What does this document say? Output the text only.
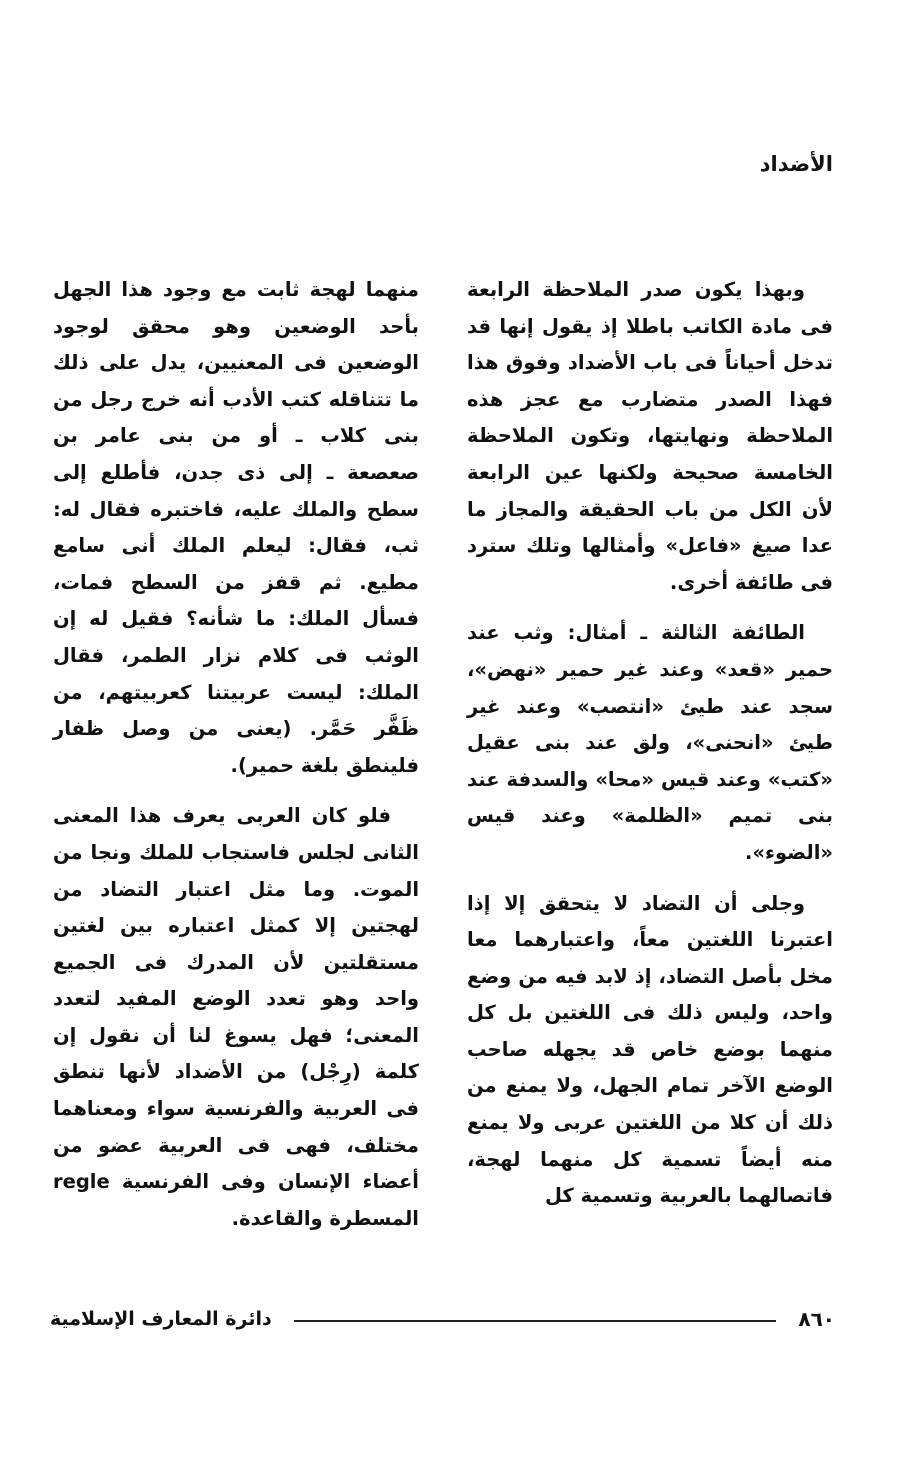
الأضداد

وبهذا يكون صدر الملاحظة الرابعة فى مادة الكاتب باطلا إذ يقول إنها قد تدخل أحياناً فى باب الأضداد وفوق هذا فهذا الصدر متضارب مع عجز هذه الملاحظة ونهايتها، وتكون الملاحظة الخامسة صحيحة ولكنها عين الرابعة لأن الكل من باب الحقيقة والمجاز ما عدا صيغ «فاعل» وأمثالها وتلك سترد فى طائفة أخرى.

الطائفة الثالثة ـ أمثال: وثب عند حمير «قعد» وعند غير حمير «نهض»، سجد عند طيئ «انتصب» وعند غير طيئ «انحنى»، ولق عند بنى عقيل «كتب» وعند قيس «محا» والسدفة عند بنى تميم «الظلمة» وعند قيس «الضوء».

وجلى أن التضاد لا يتحقق إلا إذا اعتبرنا اللغتين معاً، واعتبارهما معا مخل بأصل التضاد، إذ لابد فيه من وضع واحد، وليس ذلك فى اللغتين بل كل منهما بوضع خاص قد يجهله صاحب الوضع الآخر تمام الجهل، ولا يمنع من ذلك أن كلا من اللغتين عربى ولا يمنع منه أيضاً تسمية كل منهما لهجة، فاتصالهما بالعربية وتسمية كل

منهما لهجة ثابت مع وجود هذا الجهل بأحد الوضعين وهو محقق لوجود الوضعين فى المعنيين، يدل على ذلك ما تتناقله كتب الأدب أنه خرج رجل من بنى كلاب ـ أو من بنى عامر بن صعصعة ـ إلى ذى جدن، فأطلع إلى سطح والملك عليه، فاختبره فقال له: ثب، فقال: ليعلم الملك أنى سامع مطيع. ثم قفز من السطح فمات، فسأل الملك: ما شأنه؟ فقيل له إن الوثب فى كلام نزار الطمر، فقال الملك: ليست عربيتنا كعربيتهم، من ظَفَّر حَمَّر. (يعنى من وصل ظفار فلينطق بلغة حمير).

فلو كان العربى يعرف هذا المعنى الثانى لجلس فاستجاب للملك ونجا من الموت. وما مثل اعتبار التضاد من لهجتين إلا كمثل اعتباره بين لغتين مستقلتين لأن المدرك فى الجميع واحد وهو تعدد الوضع المفيد لتعدد المعنى؛ فهل يسوغ لنا أن نقول إن كلمة (رِجْل) من الأضداد لأنها تنطق فى العربية والفرنسية سواء ومعناهما مختلف، فهى فى العربية عضو من أعضاء الإنسان وفى الفرنسية regle المسطرة والقاعدة.

٨٦٠
دائرة المعارف الإسلامية
